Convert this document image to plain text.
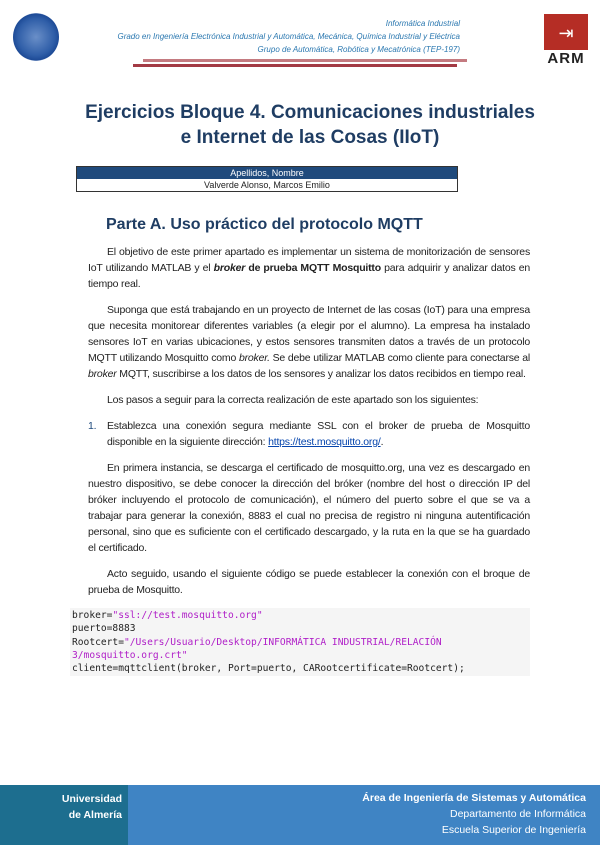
Informática Industrial
Grado en Ingeniería Electrónica Industrial y Automática, Mecánica, Química Industrial y Eléctrica
Grupo de Automática, Robótica y Mecatrónica (TEP-197)
⇥
ARM
Ejercicios Bloque 4. Comunicaciones industriales
e Internet de las Cosas (IIoT)
Apellidos, Nombre
Valverde Alonso, Marcos Emilio
Parte A. Uso práctico del protocolo MQTT
El objetivo de este primer apartado es implementar un sistema de monitorización de sensores IoT utilizando MATLAB y el broker de prueba MQTT Mosquitto para adquirir y analizar datos en tiempo real.
Suponga que está trabajando en un proyecto de Internet de las cosas (IoT) para una empresa que necesita monitorear diferentes variables (a elegir por el alumno). La empresa ha instalado sensores IoT en varias ubicaciones, y estos sensores transmiten datos a través de un protocolo MQTT utilizando Mosquitto como broker. Se debe utilizar MATLAB como cliente para conectarse al broker MQTT, suscribirse a los datos de los sensores y analizar los datos recibidos en tiempo real.
Los pasos a seguir para la correcta realización de este apartado son los siguientes:
1. Establezca una conexión segura mediante SSL con el broker de prueba de Mosquitto disponible en la siguiente dirección: https://test.mosquitto.org/.
En primera instancia, se descarga el certificado de mosquitto.org, una vez es descargado en nuestro dispositivo, se debe conocer la dirección del bróker (nombre del host o dirección IP del bróker incluyendo el protocolo de comunicación), el número del puerto sobre el que se va a trabajar para generar la conexión, 8883 el cual no precisa de registro ni ninguna autentificación personal, sino que es suficiente con el certificado descargado, y la ruta en la que se ha guardado el certificado.
Acto seguido, usando el siguiente código se puede establecer la conexión con el broque de prueba de Mosquitto.
broker="ssl://test.mosquitto.org"
puerto=8883
Rootcert="/Users/Usuario/Desktop/INFORMÁTICA INDUSTRIAL/RELACIÓN
3/mosquitto.org.crt"
cliente=mqttclient(broker, Port=puerto, CARootcertificate=Rootcert);
Universidad
de Almería
Área de Ingeniería de Sistemas y Automática
Departamento de Informática
Escuela Superior de Ingeniería
